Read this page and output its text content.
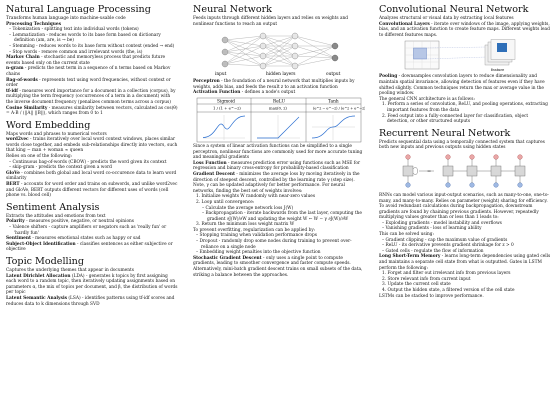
Natural Language Processing

Transforms human language into machine-usable code

Processing Techniques

– Tokenization - splitting text into individual words (tokens)

– Lemmatization - reduces words to its base form based on dictionary definition (am, are, is → be)

– Stemming - reduces words to its base form without context (ended → end)

– Stop words - remove common and irrelevant words (the, is)

Markov Chain - stochastic and memoryless process that predicts future events based only on the current state

n-gram - predicts the next term in a sequence of n terms based on Markov chains

Bag-of-words - represents text using word frequencies, without context or order

tf-idf - measures word importance for a document in a collection (corpus), by multiplying the term frequency (occurrences of a term in a document) with the inverse document frequency (penalizes common terms across a corpus)

Cosine Similarity - measures similarity between vectors, calculated as cos(θ) = A·B / (||A|| ||B||), which ranges from 0 to 1

Word Embedding

Maps words and phrases to numerical vectors

word2vec - trains iteratively over local word context windows, places similar words close together, and embeds sub-relationships directly into vectors, such that king − man + woman ≈ queen

Relies on one of the following:

– Continuous bag-of-words (CBOW) - predicts the word given its context

– skip-gram - predicts the context given a word

GloVe - combines both global and local word co-occurence data to learn word similarity

BERT - accounts for word order and trains on subwords, and unlike word2vec and GloVe, BERT outputs different vectors for different uses of words (cell phone vs. blood cell)

Sentiment Analysis

Extracts the attitudes and emotions from text

Polarity - measures positive, negative, or neutral opinions

– Valence shifters - capture amplifiers or negators such as 'really fun' or 'hardly fun'

Sentiment - measures emotional states such as happy or sad

Subject-Object Identification - classifies sentences as either subjective or objective

Topic Modelling

Captures the underlying themes that appear in documents

Latent Dirichlet Allocation (LDA) - generates k topics by first assigning each word to a random topic, then iteratively updating assignments based on parameters α, the mix of topics per document, and β, the distribution of words per topic

Latent Semantic Analysis (LSA) - identifies patterns using tf-idf scores and reduces data to k dimensions through SVD

Neural Network

Feeds inputs through different hidden layers and relies on weights and nonlinear functions to reach an output

input	hidden layers	output

Perceptron - the foundation of a neural network that multiplies inputs by weights, adds bias, and feeds the result z to an activation function

Activation Function - defines a node's output

Sigmoid	ReLU	Tanh
1 / (1 + e^−z)	max(0, z)	(e^z − e^−z) / (e^z + e^−z)

Since a system of linear activation functions can be simplified to a single perceptron, nonlinear functions are commonly used for more accurate tuning and meaningful gradients

Loss Function - measures prediction error using functions such as MSE for regression and binary cross-entropy for probability-based classification

Gradient Descent - minimizes the average loss by moving iteratively in the direction of steepest descent, controlled by the learning rate γ (step size). Note, γ can be updated adaptively for better performance. For neural networks, finding the best set of weights involves:

1. Initialize weights W randomly with near-zero values

2. Loop until convergence:

– Calculate the average network loss J(W)

– Backpropagation - iterate backwards from the last layer, computing the gradient ∂J(W)/∂W and updating the weight W ← W − γ ∂J(W)/∂W

3. Return the minimum loss weight matrix W

To prevent overfitting, regularization can be applied by:

– Stopping training when validation performance drops

– Dropout - randomly drop some nodes during training to prevent over-reliance on a single node

– Embedding weight penalties into the objective function

Stochastic Gradient Descent - only uses a single point to compute gradients, leading to smoother convergence and faster compute speeds. Alternatively, mini-batch gradient descent trains on small subsets of the data, striking a balance between the approaches.

Convolutional Neural Network

Analyzes structural or visual data by extracting local features

Convolutional Layers - iterate over windows of the image, applying weights, bias, and an activation function to create feature maps. Different weights lead to different features maps.

feature

Pooling - downsamples convolution layers to reduce dimensionality and maintain spatial invariance, allowing detection of features even if they have shifted slightly. Common techniques return the max or average value in the pooling window.

The general CNN architecture is as follows:

1. Perform a series of convolution, ReLU, and pooling operations, extracting important features from the data

2. Feed output into a fully-connected layer for classification, object detection, or other structured outputs

Recurrent Neural Network

Predicts sequential data using a temporally connected system that captures both new inputs and previous outputs using hidden states

=

RNNs can model various input-output scenarios, such as many-to-one, one-to-many, and many-to-many. Relies on parameter (weight) sharing for efficiency. To avoid redundant calculations during backpropagation, downstream gradients are found by chaining previous gradients. However, repeatedly multiplying values greater than or less than 1 leads to:

– Exploding gradients - model instability and overflows

– Vanishing gradients - loss of learning ability

This can be solved using:

– Gradient clipping - cap the maximum value of gradients

– ReLU - its derivative prevents gradient shrinkage for z > 0

– Gated cells - regulate the flow of information

Long Short-Term Memory - learns long-term dependencies using gated cells and maintains a separate cell state from what is outputted. Gates in LSTM perform the following:

1. Forget and filter out irrelevant info from previous layers

2. Store relevant info from current input

3. Update the current cell state

4. Output the hidden state, a filtered version of the cell state

LSTMs can be stacked to improve performance.
